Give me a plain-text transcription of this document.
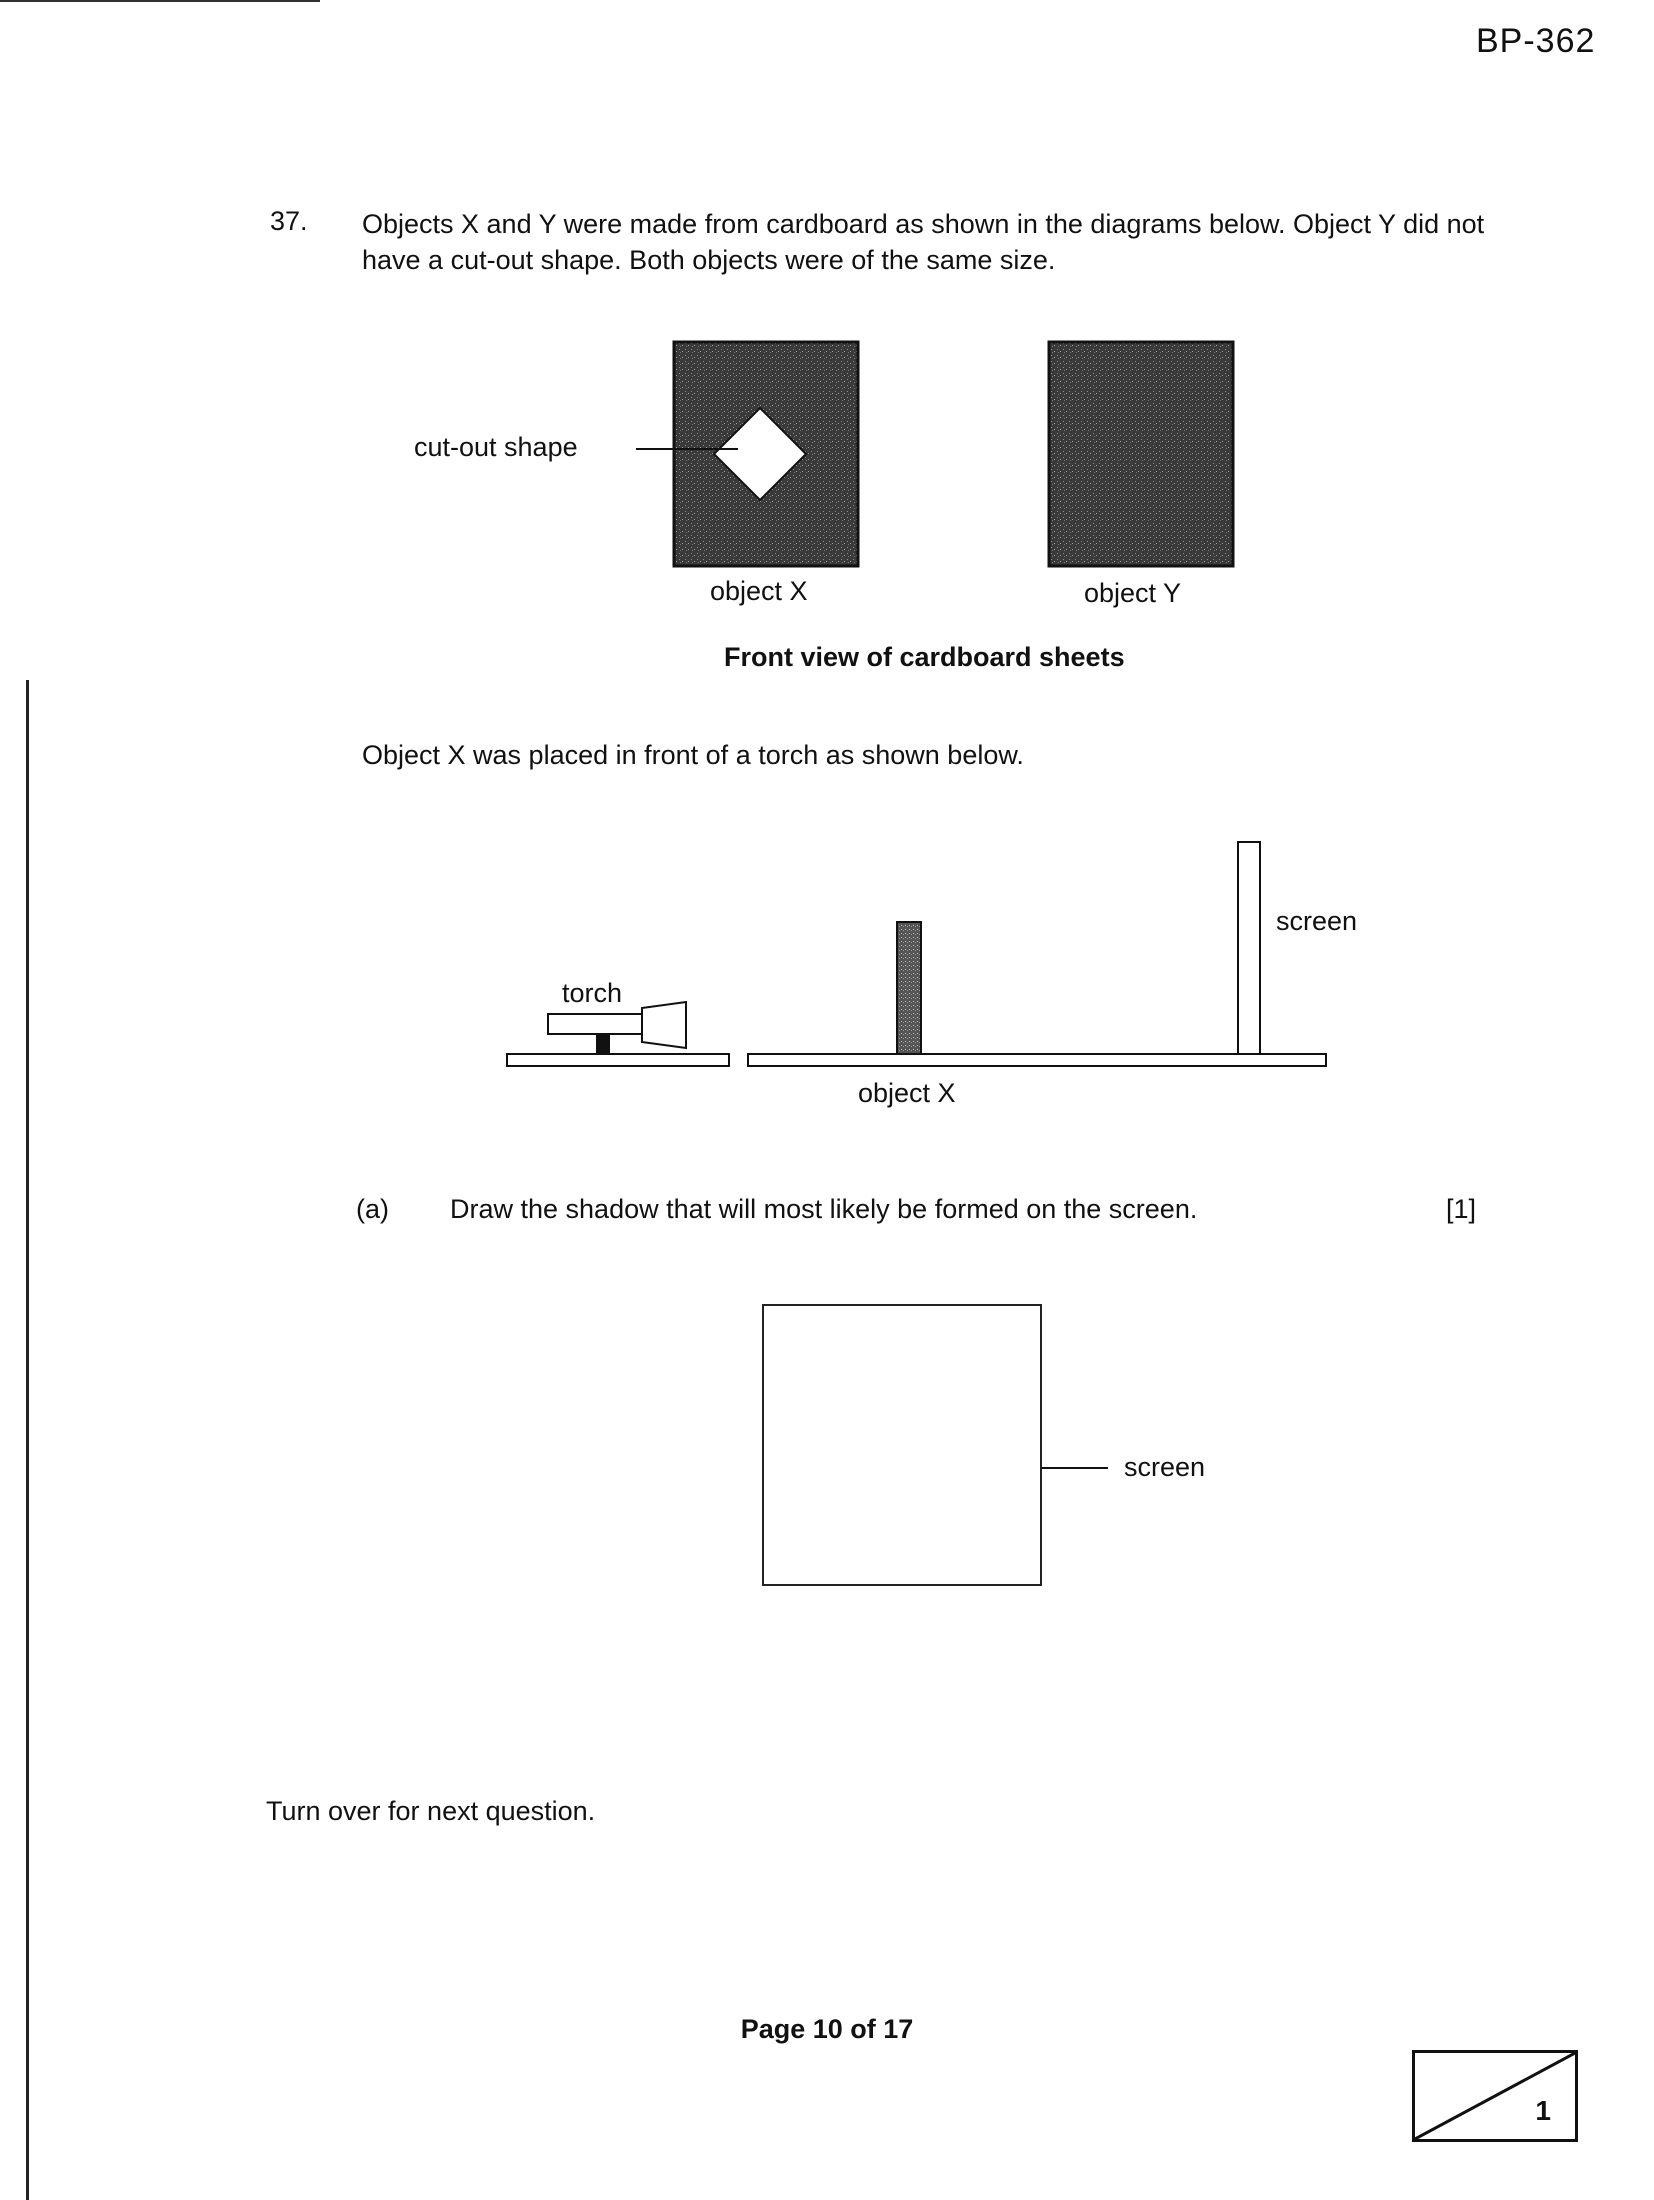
BP-362
37. Objects X and Y were made from cardboard as shown in the diagrams below. Object Y did not have a cut-out shape. Both objects were of the same size.
cut-out shape
object X	object Y
Front view of cardboard sheets
Object X was placed in front of a torch as shown below.
torch
screen
object X
(a) Draw the shadow that will most likely be formed on the screen.	[1]
screen
Turn over for next question.
Page 10 of 17
1
